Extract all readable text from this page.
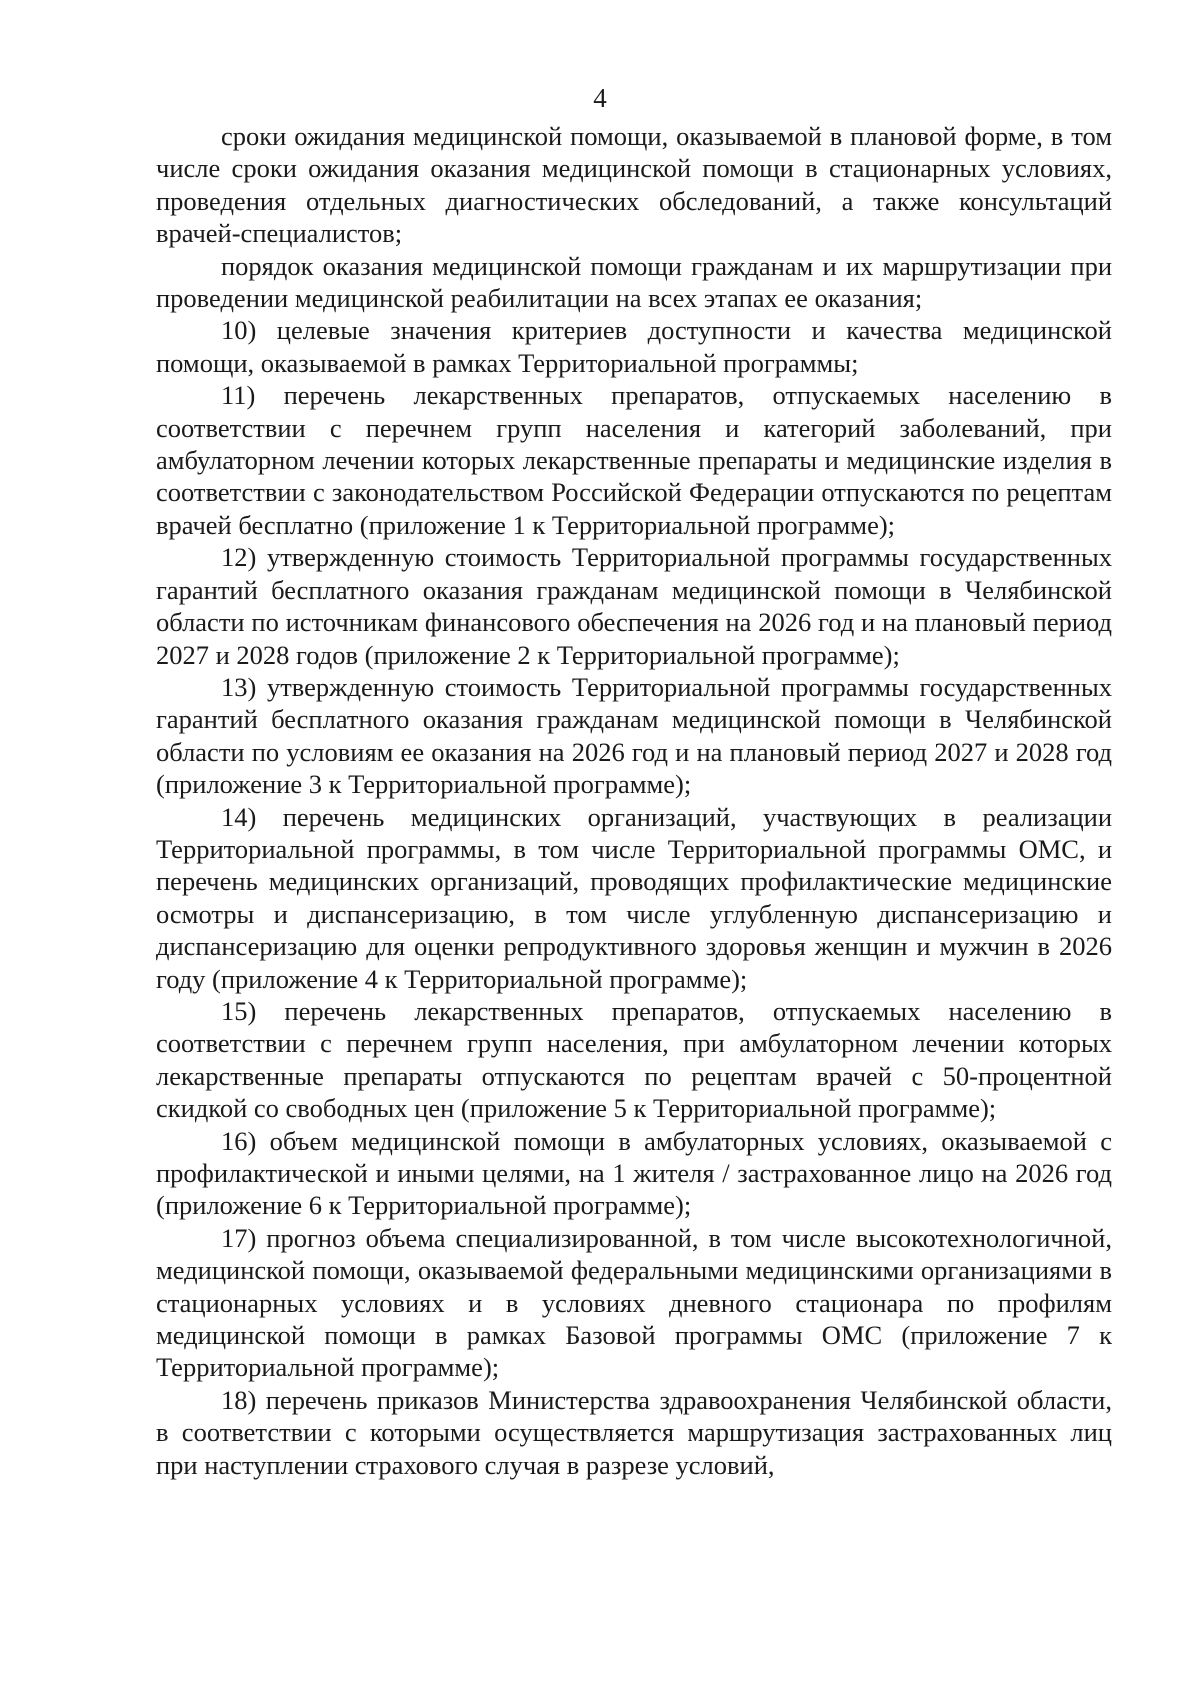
4

сроки ожидания медицинской помощи, оказываемой в плановой форме, в том числе сроки ожидания оказания медицинской помощи в стационарных условиях, проведения отдельных диагностических обследований, а также консультаций врачей-специалистов;

порядок оказания медицинской помощи гражданам и их маршрутизации при проведении медицинской реабилитации на всех этапах ее оказания;

10) целевые значения критериев доступности и качества медицинской помощи, оказываемой в рамках Территориальной программы;

11) перечень лекарственных препаратов, отпускаемых населению в соответствии с перечнем групп населения и категорий заболеваний, при амбулаторном лечении которых лекарственные препараты и медицинские изделия в соответствии с законодательством Российской Федерации отпускаются по рецептам врачей бесплатно (приложение 1 к Территориальной программе);

12) утвержденную стоимость Территориальной программы государственных гарантий бесплатного оказания гражданам медицинской помощи в Челябинской области по источникам финансового обеспечения на 2026 год и на плановый период 2027 и 2028 годов (приложение 2 к Территориальной программе);

13) утвержденную стоимость Территориальной программы государственных гарантий бесплатного оказания гражданам медицинской помощи в Челябинской области по условиям ее оказания на 2026 год и на плановый период 2027 и 2028 год (приложение 3 к Территориальной программе);

14) перечень медицинских организаций, участвующих в реализации Территориальной программы, в том числе Территориальной программы ОМС, и перечень медицинских организаций, проводящих профилактические медицинские осмотры и диспансеризацию, в том числе углубленную диспансеризацию и диспансеризацию для оценки репродуктивного здоровья женщин и мужчин в 2026 году (приложение 4 к Территориальной программе);

15) перечень лекарственных препаратов, отпускаемых населению в соответствии с перечнем групп населения, при амбулаторном лечении которых лекарственные препараты отпускаются по рецептам врачей с 50-процентной скидкой со свободных цен (приложение 5 к Территориальной программе);

16) объем медицинской помощи в амбулаторных условиях, оказываемой с профилактической и иными целями, на 1 жителя / застрахованное лицо на 2026 год (приложение 6 к Территориальной программе);

17) прогноз объема специализированной, в том числе высокотехнологичной, медицинской помощи, оказываемой федеральными медицинскими организациями в стационарных условиях и в условиях дневного стационара по профилям медицинской помощи в рамках Базовой программы ОМС (приложение 7 к Территориальной программе);

18) перечень приказов Министерства здравоохранения Челябинской области, в соответствии с которыми осуществляется маршрутизация застрахованных лиц при наступлении страхового случая в разрезе условий,
